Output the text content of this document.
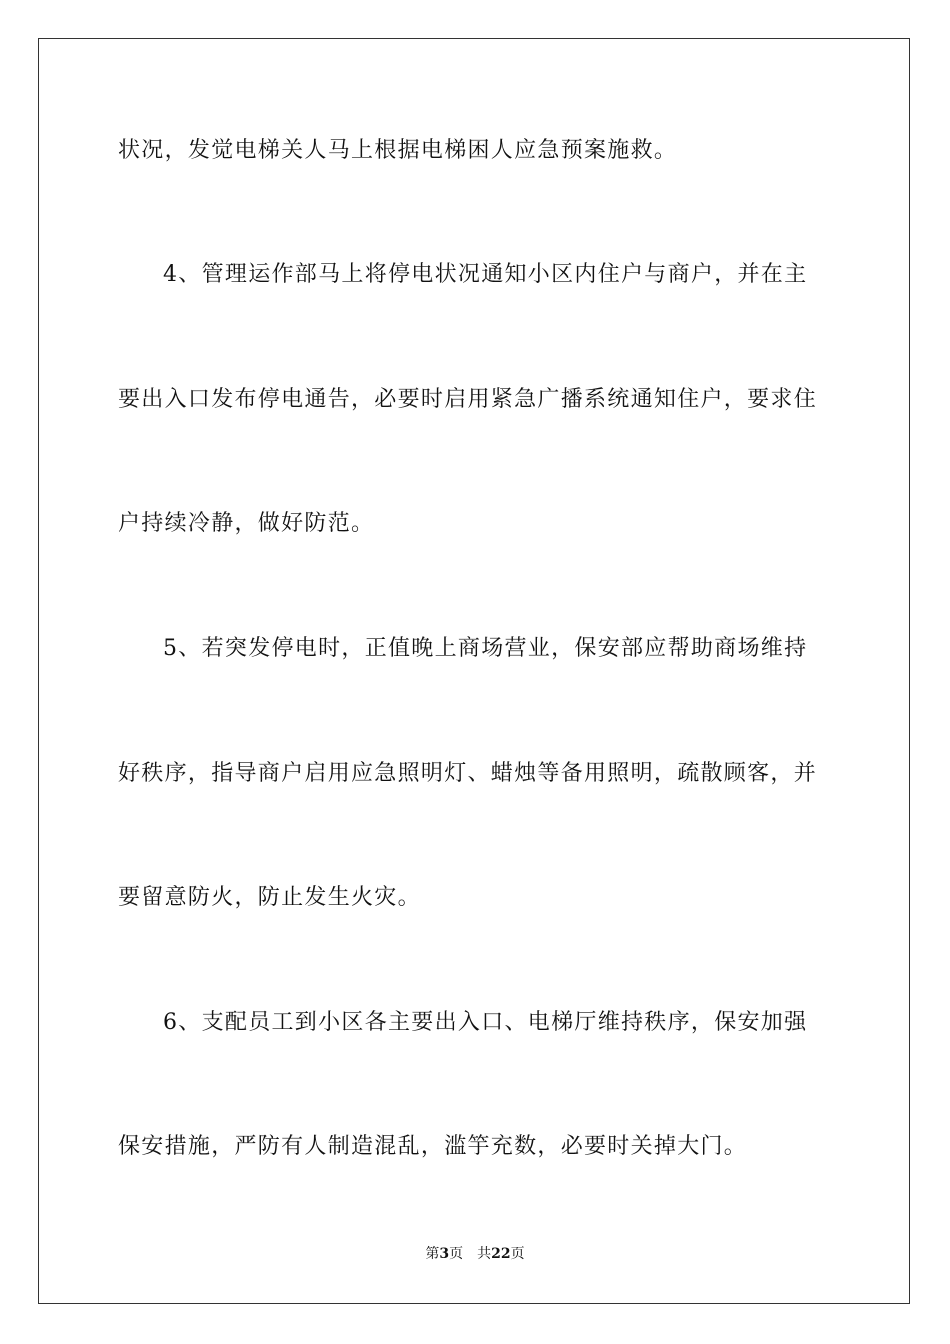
状况，发觉电梯关人马上根据电梯困人应急预案施救。
4、管理运作部马上将停电状况通知小区内住户与商户，并在主
要出入口发布停电通告，必要时启用紧急广播系统通知住户，要求住
户持续冷静，做好防范。
5、若突发停电时，正值晚上商场营业，保安部应帮助商场维持
好秩序，指导商户启用应急照明灯、蜡烛等备用照明，疏散顾客，并
要留意防火，防止发生火灾。
6、支配员工到小区各主要出入口、电梯厅维持秩序，保安加强
保安措施，严防有人制造混乱，滥竽充数，必要时关掉大门。
第3页 共22页
